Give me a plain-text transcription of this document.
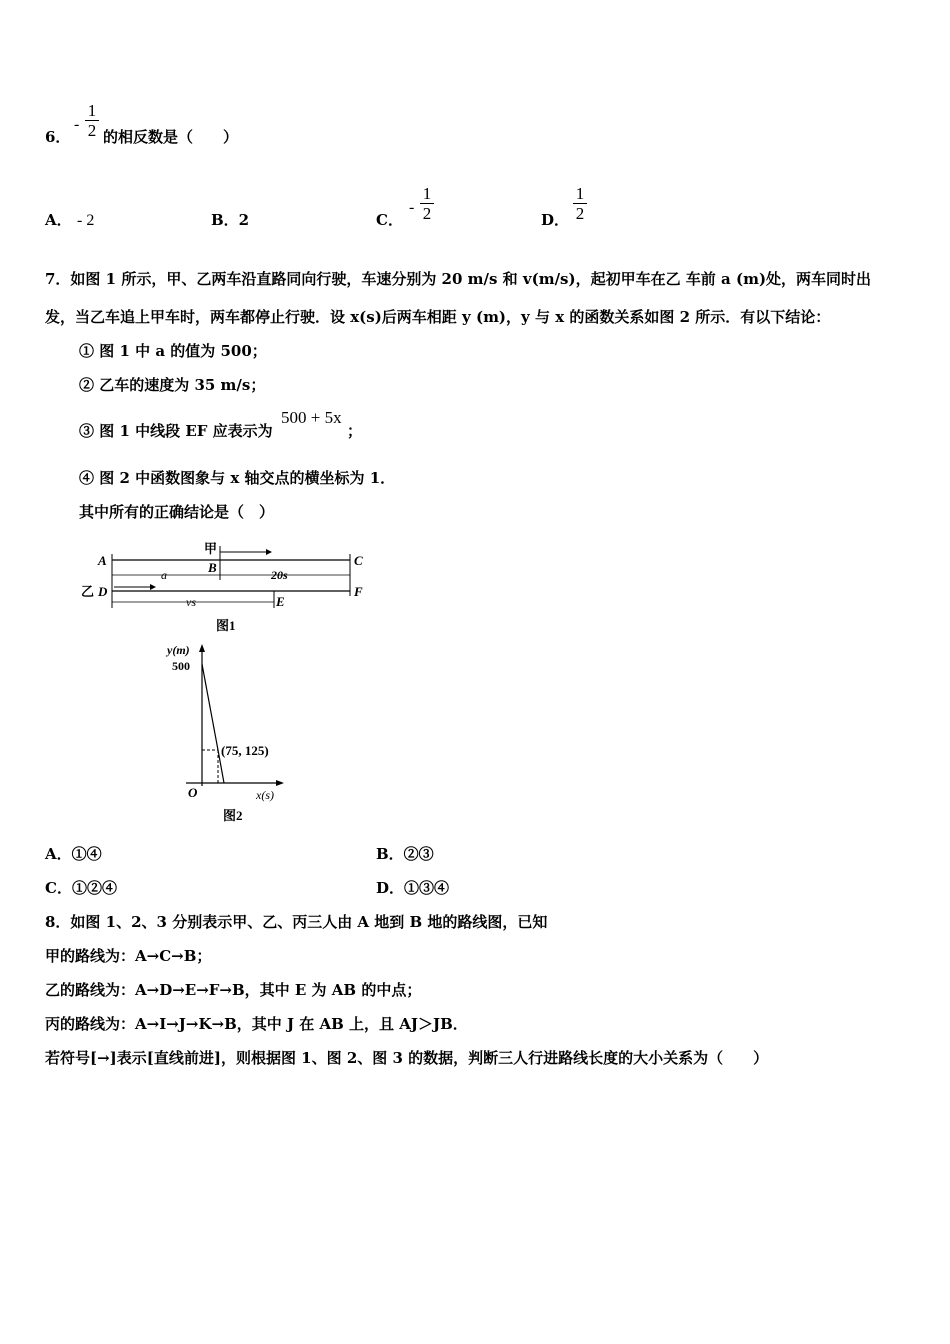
6．
-
1
2 的相反数是（　　）
A． - 2	B．2	C．
-
1
2	D．
1
2
7．如图 1 所示，甲、乙两车沿直路同向行驶，车速分别为 20 m/s 和 v(m/s)，起初甲车在乙 车前 a (m)处，两车同时出
发，当乙车追上甲车时，两车都停止行驶．设 x(s)后两车相距 y (m)，y 与 x 的函数关系如图 2 所示．有以下结论：
① 图 1 中 a 的值为 500；
② 乙车的速度为 35 m/s；
③ 图 1 中线段 EF 应表示为
500 + 5x
；
④ 图 2 中函数图象与 x 轴交点的横坐标为 1．
其中所有的正确结论是（　）
A	C
F
B
E
乙 D
甲
a	20s
vs
图1
y(m)
500
(75, 125)
O	x(s)
图2
A．①④	B．②③
C．①②④	D．①③④
8．如图 1、2、3 分别表示甲、乙、丙三人由 A 地到 B 地的路线图，已知
甲的路线为：A→C→B；
乙的路线为：A→D→E→F→B，其中 E 为 AB 的中点；
丙的路线为：A→I→J→K→B，其中 J 在 AB 上，且 AJ＞JB．
若符号[→]表示[直线前进]，则根据图 1、图 2、图 3 的数据，判断三人行进路线长度的大小关系为（　　）
